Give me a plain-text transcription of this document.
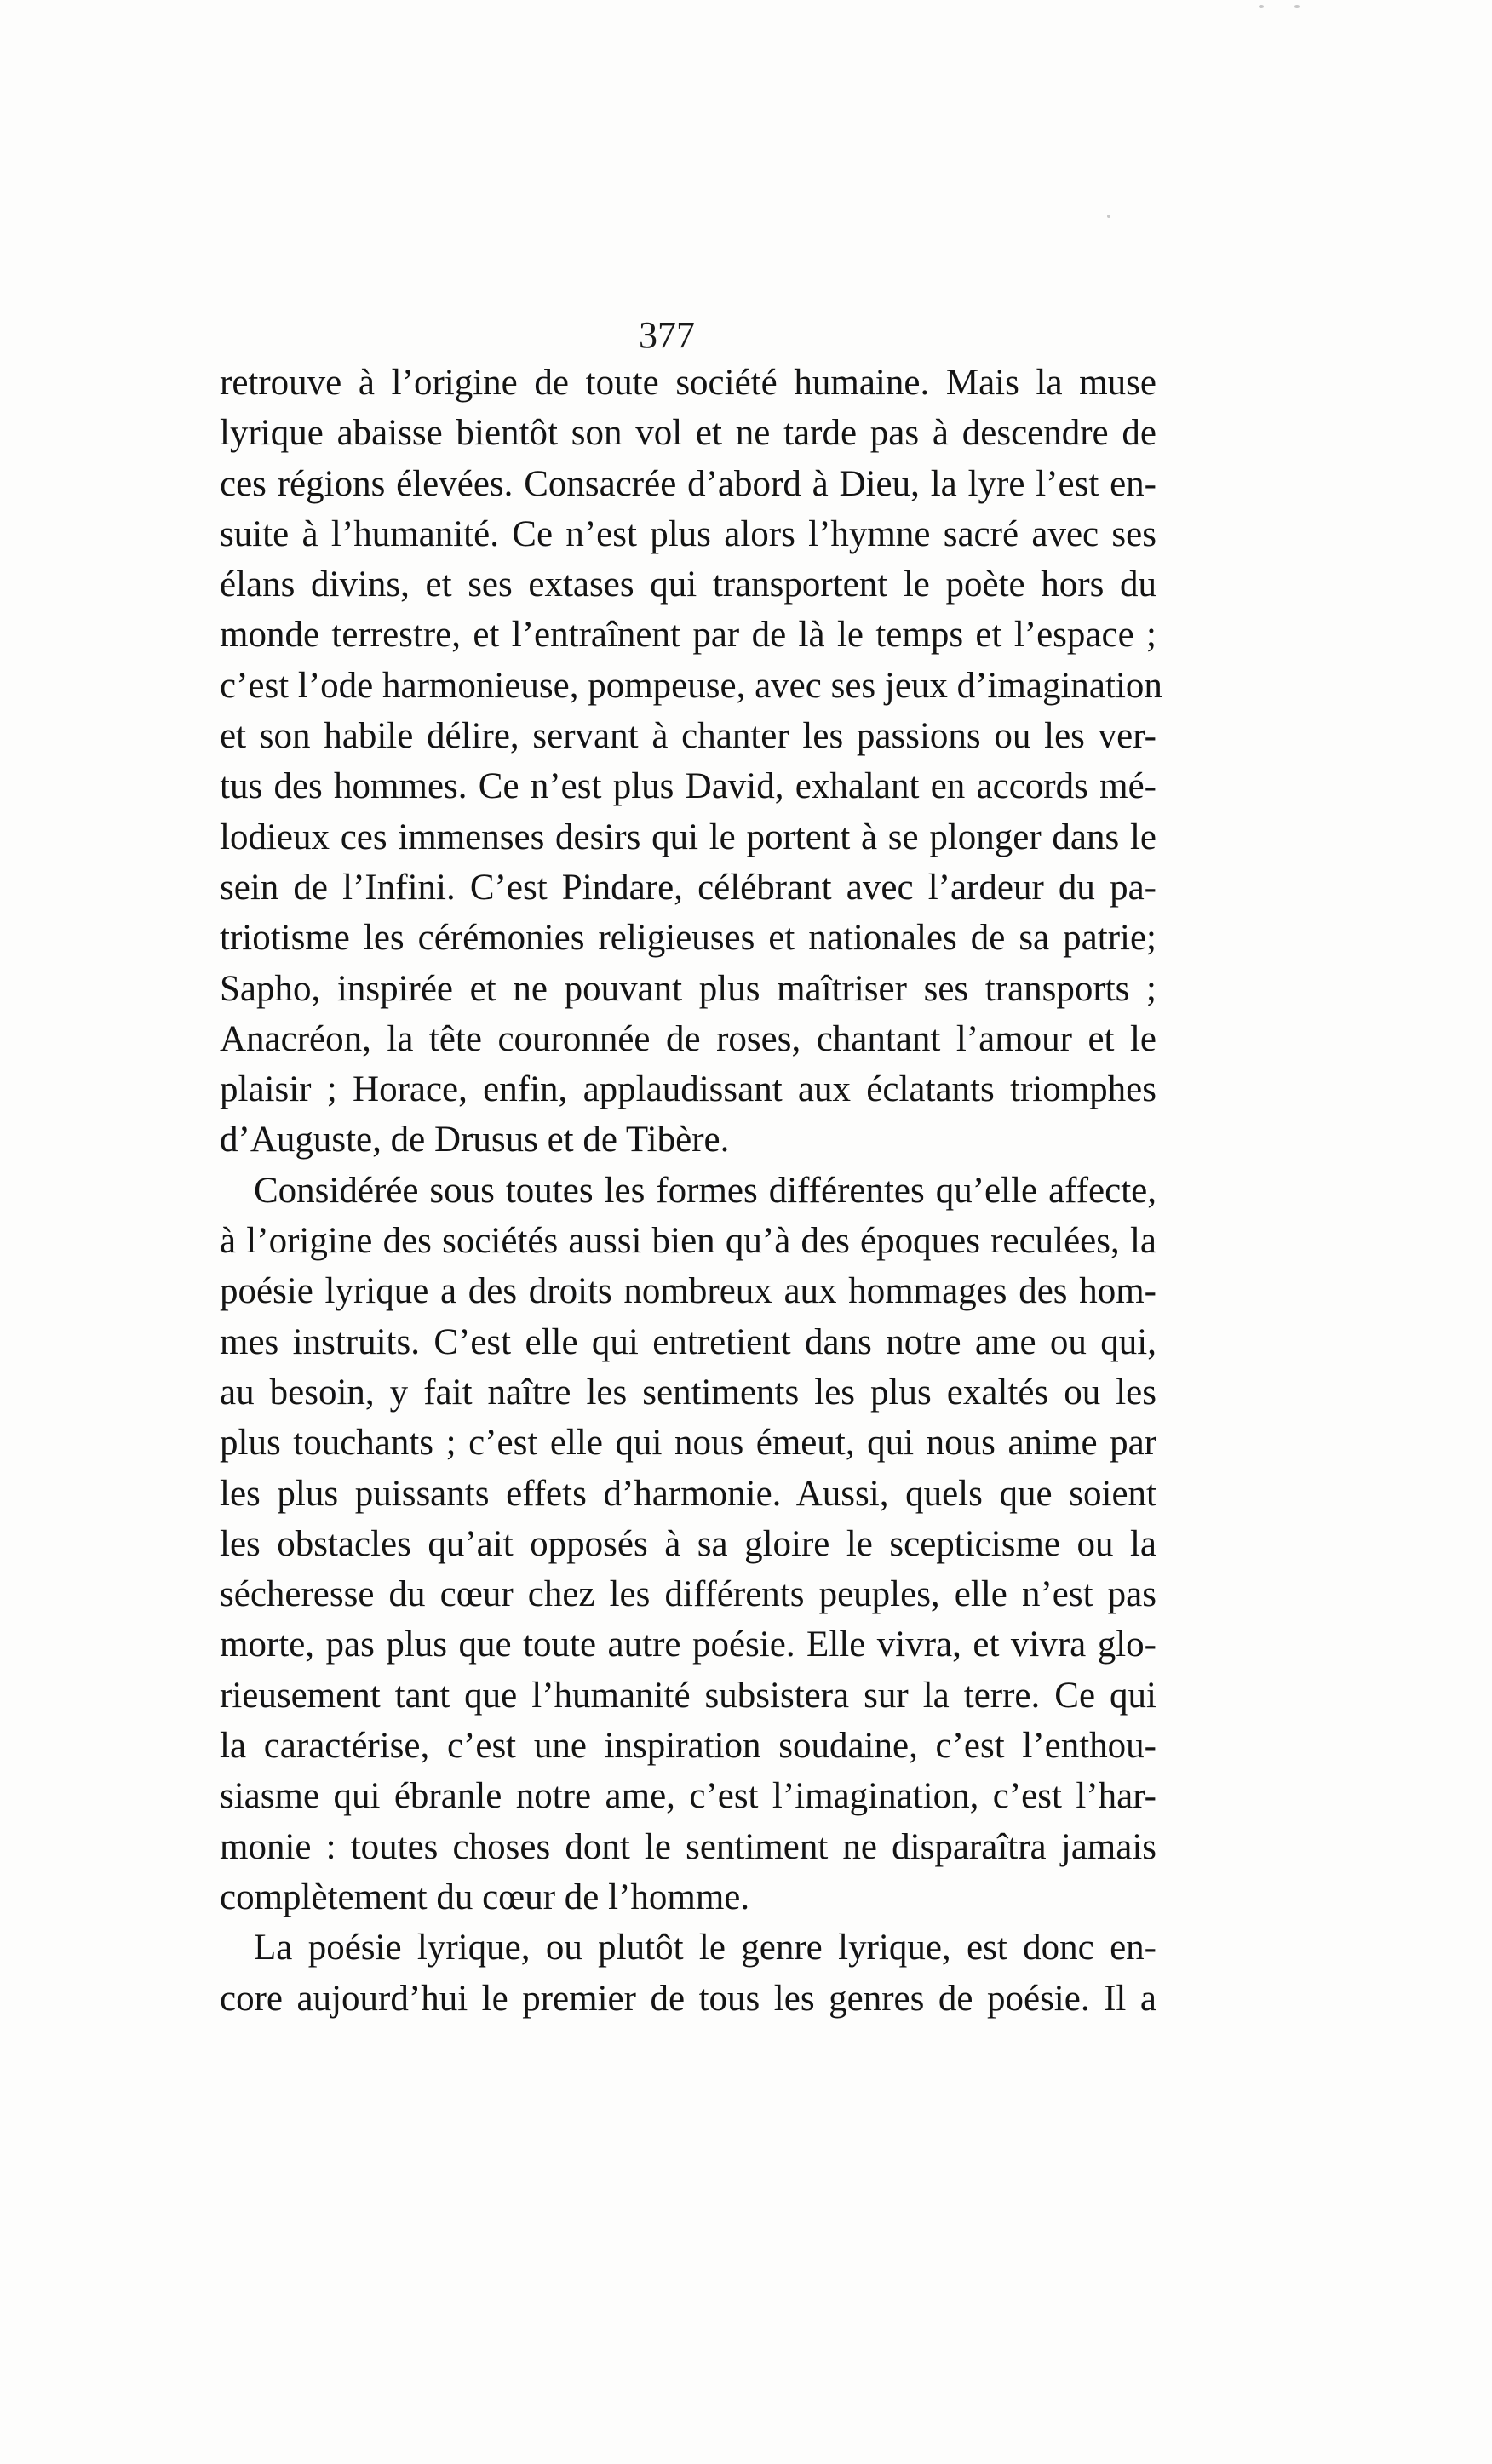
377
retrouve à l’origine de toute société humaine. Mais la muse
lyrique abaisse bientôt son vol et ne tarde pas à descendre de
ces régions élevées. Consacrée d’abord à Dieu, la lyre l’est en-
suite à l’humanité. Ce n’est plus alors l’hymne sacré avec ses
élans divins, et ses extases qui transportent le poète hors du
monde terrestre, et l’entraînent par de là le temps et l’espace ;
c’est l’ode harmonieuse, pompeuse, avec ses jeux d’imagination
et son habile délire, servant à chanter les passions ou les ver-
tus des hommes. Ce n’est plus David, exhalant en accords mé-
lodieux ces immenses desirs qui le portent à se plonger dans le
sein de l’Infini. C’est Pindare, célébrant avec l’ardeur du pa-
triotisme les cérémonies religieuses et nationales de sa patrie;
Sapho, inspirée et ne pouvant plus maîtriser ses transports ;
Anacréon, la tête couronnée de roses, chantant l’amour et le
plaisir ; Horace, enfin, applaudissant aux éclatants triomphes
d’Auguste, de Drusus et de Tibère.
Considérée sous toutes les formes différentes qu’elle affecte,
à l’origine des sociétés aussi bien qu’à des époques reculées, la
poésie lyrique a des droits nombreux aux hommages des hom-
mes instruits. C’est elle qui entretient dans notre ame ou qui,
au besoin, y fait naître les sentiments les plus exaltés ou les
plus touchants ; c’est elle qui nous émeut, qui nous anime par
les plus puissants effets d’harmonie. Aussi, quels que soient
les obstacles qu’ait opposés à sa gloire le scepticisme ou la
sécheresse du cœur chez les différents peuples, elle n’est pas
morte, pas plus que toute autre poésie. Elle vivra, et vivra glo-
rieusement tant que l’humanité subsistera sur la terre. Ce qui
la caractérise, c’est une inspiration soudaine, c’est l’enthou-
siasme qui ébranle notre ame, c’est l’imagination, c’est l’har-
monie : toutes choses dont le sentiment ne disparaîtra jamais
complètement du cœur de l’homme.
La poésie lyrique, ou plutôt le genre lyrique, est donc en-
core aujourd’hui le premier de tous les genres de poésie. Il a
